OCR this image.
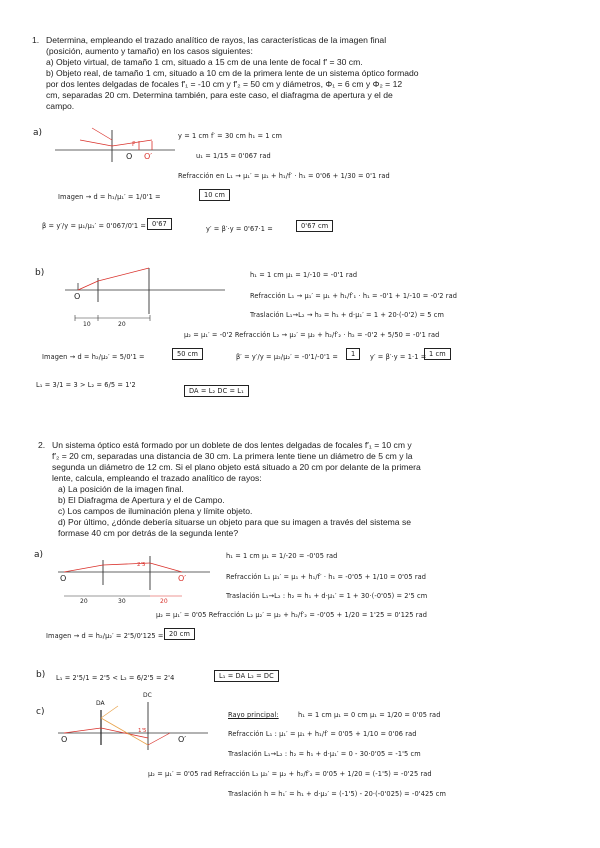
1. Determina, empleando el trazado analítico de rayos, las características de la imagen final
(posición, aumento y tamaño) en los casos siguientes:
a) Objeto virtual, de tamaño 1 cm, situado a 15 cm de una lente de focal f′ = 30 cm.
b) Objeto real, de tamaño 1 cm, situado a 10 cm de la primera lente de un sistema óptico formado
por dos lentes delgadas de focales f′₁ = -10 cm y f′₂ = 50 cm y diámetros, Φ₁ = 6 cm y Φ₂ = 12
cm, separadas 20 cm. Determina también, para este caso, el diafragma de apertura y el de
campo.
a)
O O′
F
y = 1 cm f′ = 30 cm h₁ = 1 cm
u₁ = 1/15 = 0'067 rad
Refracción en L₁ → μ₁′ = μ₁ + h₁/f′ · h₁ = 0'06 + 1/30 = 0'1 rad
Imagen → d = h₁/μ₁′ = 1/0'1 =	10 cm
β = y′/y = μ₁/μ₁′ = 0'067/0'1 = 0'67
y′ = β′·y = 0'67·1 =	0'67 cm
b)
O
10	20
h₁ = 1 cm μ₁ = 1/-10 = -0'1 rad
Refracción L₁ → μ₁′ = μ₁ + h₁/f′₁ · h₁ = -0'1 + 1/-10 = -0'2 rad
Traslación L₁→L₂ → h₂ = h₁ + d·μ₁′ = 1 + 20·(-0'2) = 5 cm
μ₂ = μ₁′ = -0'2 Refracción L₂ → μ₂′ = μ₂ + h₂/f′₂ · h₂ = -0'2 + 5/50 = -0'1 rad
Imagen → d = h₂/μ₂′ = 5/0'1 =	50 cm	β′ = y′/y = μ₂/μ₂′ = -0'1/-0'1 =	1	y′ = β′·y = 1·1 = 1 cm
L₁ = 3/1 = 3 > L₂ = 6/5 = 1'2
DA = L₂ DC = L₁
2. Un sistema óptico está formado por un doblete de dos lentes delgadas de focales f′₁ = 10 cm y
f′₂ = 20 cm, separadas una distancia de 30 cm. La primera lente tiene un diámetro de 5 cm y la
segunda un diámetro de 12 cm. Si el plano objeto está situado a 20 cm por delante de la primera
lente, calcula, empleando el trazado analítico de rayos:
a) La posición de la imagen final.
b) El Diafragma de Apertura y el de Campo.
c) Los campos de iluminación plena y límite objeto.
d) Por último, ¿dónde debería situarse un objeto para que su imagen a través del sistema se
formase 40 cm por detrás de la segunda lente?
a)
O	O′
2'5
20	30	20
h₁ = 1 cm μ₁ = 1/-20 = -0'05 rad
Refracción L₁ μ₁′ = μ₁ + h₁/f′ · h₁ = -0'05 + 1/10 = 0'05 rad
Traslación L₁→L₂ : h₂ = h₁ + d·μ₁′ = 1 + 30·(-0'05) = 2'5 cm
μ₂ = μ₁′ = 0'05 Refracción L₂ μ₂′ = μ₂ + h₂/f′₂ = -0'05 + 1/20 = 1'25 = 0'125 rad
Imagen → d = h₂/μ₂′ = 2'5/0'125 = 20 cm
b) L₁ = 2'5/1 = 2'5 < L₂ = 6/2'5 = 2'4	L₁ = DA L₂ = DC
c)
DA
DC
O	O′
1'5
Rayo principal:	h₁ = 1 cm μ₁ = 0 cm μ₁ = 1/20 = 0'05 rad
Refracción L₁ : μ₁′ = μ₁ + h₁/f′ = 0'05 + 1/10 = 0'06 rad
Traslación L₁→L₂ : h₂ = h₁ + d·μ₁′ = 0 - 30·0'05 = -1'5 cm
μ₂ = μ₁′ = 0'05 rad Refracción L₂ μ₂′ = μ₂ + h₂/f′₂ = 0'05 + 1/20 = (-1'5) = -0'25 rad
Traslación h = h₁′ = h₁ + d·μ₂′ = (-1'5) - 20·(-0'025) = -0'425 cm
